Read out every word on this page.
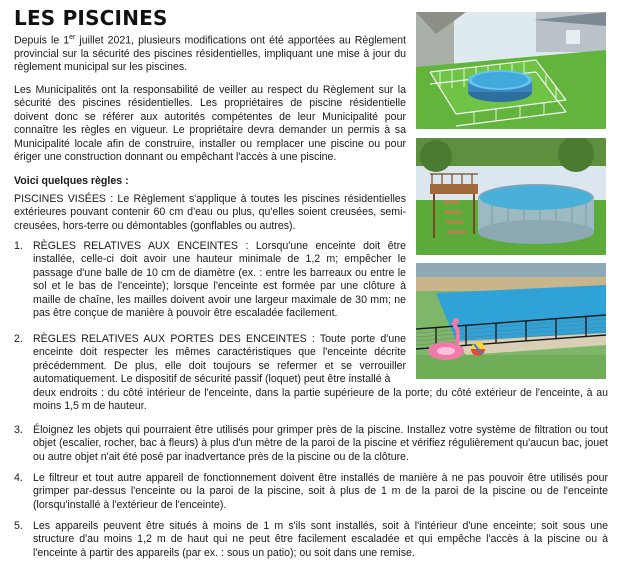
LES PISCINES
Depuis le 1er juillet 2021, plusieurs modifications ont été apportées au Règlement provincial sur la sécurité des piscines résidentielles, impliquant une mise à jour du règlement municipal sur les piscines.
Les Municipalités ont la responsabilité de veiller au respect du Règlement sur la sécurité des piscines résidentielles. Les propriétaires de piscine résidentielle doivent donc se référer aux autorités compétentes de leur Municipalité pour connaître les règles en vigueur. Le propriétaire devra demander un permis à sa Municipalité locale afin de construire, installer ou remplacer une piscine ou pour ériger une construction donnant ou empêchant l'accès à une piscine.
Voici quelques règles :
PISCINES VISÉES : Le Règlement s'applique à toutes les piscines résidentielles extérieures pouvant contenir 60 cm d'eau ou plus, qu'elles soient creusées, semi-creusées, hors-terre ou démontables (gonflables ou autres).
1. RÈGLES RELATIVES AUX ENCEINTES : Lorsqu'une enceinte doit être installée, celle-ci doit avoir une hauteur minimale de 1,2 m; empêcher le passage d'une balle de 10 cm de diamètre (ex. : entre les barreaux ou entre le sol et le bas de l'enceinte); lorsque l'enceinte est formée par une clôture à maille de chaîne, les mailles doivent avoir une largeur maximale de 30 mm; ne pas être conçue de manière à pouvoir être escaladée facilement.
2. RÈGLES RELATIVES AUX PORTES DES ENCEINTES : Toute porte d'une enceinte doit respecter les mêmes caractéristiques que l'enceinte décrite précédemment. De plus, elle doit toujours se refermer et se verrouiller automatiquement. Le dispositif de sécurité passif (loquet) peut être installé à
deux endroits : du côté intérieur de l'enceinte, dans la partie supérieure de la porte; du côté extérieur de l'enceinte, à au moins 1,5 m de hauteur.
3. Éloignez les objets qui pourraient être utilisés pour grimper près de la piscine. Installez votre système de filtration ou tout objet (escalier, rocher, bac à fleurs) à plus d'un mètre de la paroi de la piscine et vérifiez régulièrement qu'aucun bac, jouet ou autre objet n'ait été posé par inadvertance près de la piscine ou de la clôture.
4. Le filtreur et tout autre appareil de fonctionnement doivent être installés de manière à ne pas pouvoir être utilisés pour grimper par-dessus l'enceinte ou la paroi de la piscine, soit à plus de 1 m de la paroi de la piscine ou de l'enceinte (lorsqu'installé à l'extérieur de l'enceinte).
5. Les appareils peuvent être situés à moins de 1 m s'ils sont installés, soit à l'intérieur d'une enceinte; soit sous une structure d'au moins 1,2 m de haut qui ne peut être facilement escaladée et qui empêche l'accès à la piscine ou à l'enceinte à partir des appareils (par ex. : sous un patio); ou soit dans une remise.
